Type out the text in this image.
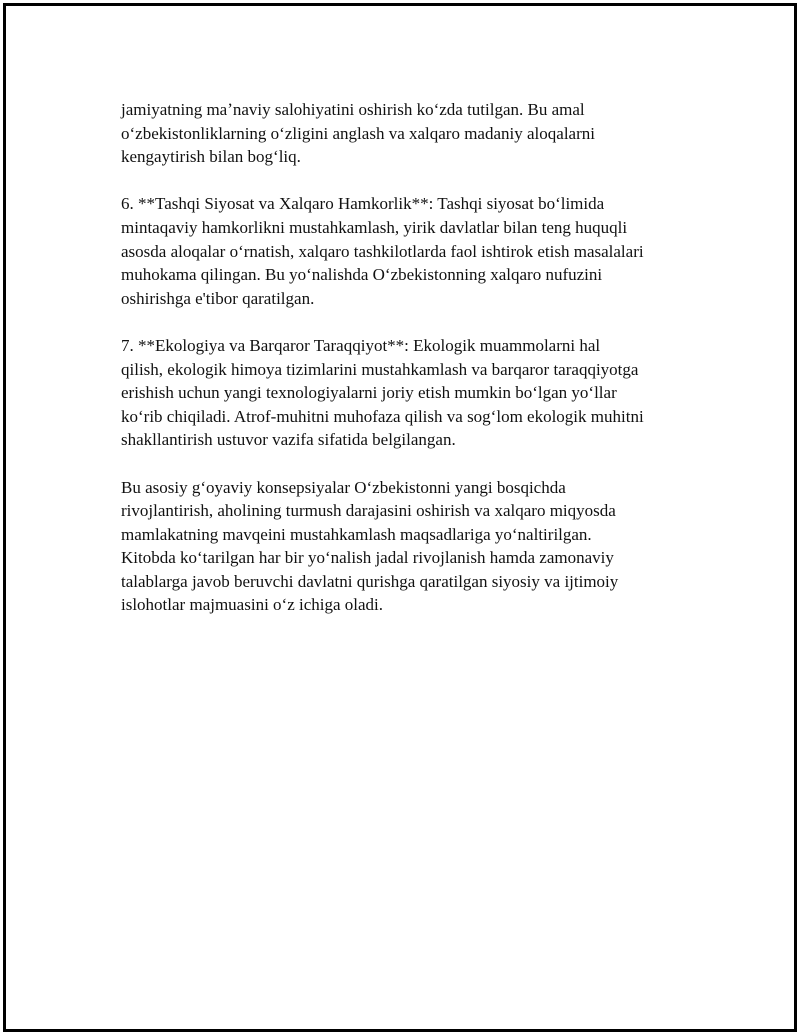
jamiyatning maʼnaviy salohiyatini oshirish koʻzda tutilgan. Bu amal
oʻzbekistonliklarning oʻzligini anglash va xalqaro madaniy aloqalarni
kengaytirish bilan bogʻliq.

6. **Tashqi Siyosat va Xalqaro Hamkorlik**: Tashqi siyosat boʻlimida
mintaqaviy hamkorlikni mustahkamlash, yirik davlatlar bilan teng huquqli
asosda aloqalar oʻrnatish, xalqaro tashkilotlarda faol ishtirok etish masalalari
muhokama qilingan. Bu yoʻnalishda Oʻzbekistonning xalqaro nufuzini
oshirishga e'tibor qaratilgan.

7. **Ekologiya va Barqaror Taraqqiyot**: Ekologik muammolarni hal
qilish, ekologik himoya tizimlarini mustahkamlash va barqaror taraqqiyotga
erishish uchun yangi texnologiyalarni joriy etish mumkin boʻlgan yoʻllar
koʻrib chiqiladi. Atrof-muhitni muhofaza qilish va sogʻlom ekologik muhitni
shakllantirish ustuvor vazifa sifatida belgilangan.

Bu asosiy gʻoyaviy konsepsiyalar Oʻzbekistonni yangi bosqichda
rivojlantirish, aholining turmush darajasini oshirish va xalqaro miqyosda
mamlakatning mavqeini mustahkamlash maqsadlariga yoʻnaltirilgan.
Kitobda koʻtarilgan har bir yoʻnalish jadal rivojlanish hamda zamonaviy
talablarga javob beruvchi davlatni qurishga qaratilgan siyosiy va ijtimoiy
islohotlar majmuasini oʻz ichiga oladi.
